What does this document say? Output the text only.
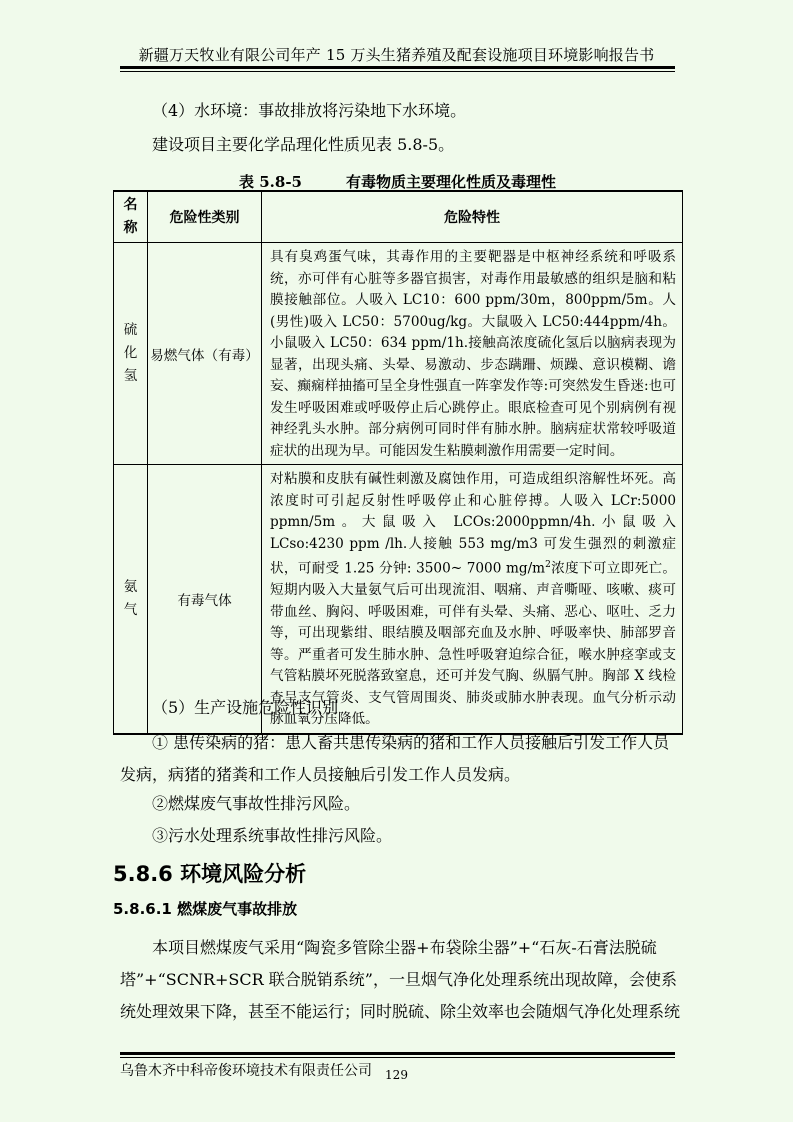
新疆万天牧业有限公司年产 15 万头生猪养殖及配套设施项目环境影响报告书
（4）水环境：事故排放将污染地下水环境。
建设项目主要化学品理化性质见表 5.8-5。
表 5.8-5	有毒物质主要理化性质及毒理性
名称	危险性类别	危险特性

硫化氢	易燃气体（有毒）	具有臭鸡蛋气味，其毒作用的主要靶器是中枢神经系统和呼吸系统，亦可伴有心脏等多器官损害，对毒作用最敏感的组织是脑和粘膜接触部位。人吸入 LC10：600 ppm/30m，800ppm/5m。人(男性)吸入 LC50：5700ug/kg。大鼠吸入 LC50:444ppm/4h。小鼠吸入 LC50：634 ppm/1h.接触高浓度硫化氢后以脑病表现为显著，出现头痛、头晕、易激动、步态蹒跚、烦躁、意识模糊、谵妄、癫痫样抽搐可呈全身性强直一阵挛发作等:可突然发生昏迷:也可发生呼吸困难或呼吸停止后心跳停止。眼底检查可见个别病例有视神经乳头水肿。部分病例可同时伴有肺水肿。脑病症状常较呼吸道症状的出现为早。可能因发生粘膜刺激作用需要一定时间。

氨气	有毒气体	对粘膜和皮肤有碱性刺激及腐蚀作用，可造成组织溶解性坏死。高浓度时可引起反射性呼吸停止和心脏停搏。人吸入 LCr:5000 ppmn/5m。大鼠吸入 LCOs:2000ppmn/4h.小鼠吸入 LCso:4230 ppm /lh.人接触 553 mg/m3 可发生强烈的刺激症状，可耐受 1.25 分钟: 3500~ 7000 $mg/m^2$浓度下可立即死亡。短期内吸入大量氨气后可出现流泪、咽痛、声音嘶哑、咳嗽、痰可带血丝、胸闷、呼吸困难，可伴有头晕、头痛、恶心、呕吐、乏力等，可出现紫绀、眼结膜及咽部充血及水肿、呼吸率快、肺部罗音等。严重者可发生肺水肿、急性呼吸窘迫综合征，喉水肿痉挛或支气管粘膜坏死脱落致窒息，还可并发气胸、纵膈气肿。胸部 X 线检查呈支气管炎、支气管周围炎、肺炎或肺水肿表现。血气分析示动脉血氧分压降低。
（5）生产设施危险性识别
① 患传染病的猪：患人畜共患传染病的猪和工作人员接触后引发工作人员发病，病猪的猪粪和工作人员接触后引发工作人员发病。
②燃煤废气事故性排污风险。
③污水处理系统事故性排污风险。
5.8.6 环境风险分析
5.8.6.1 燃煤废气事故排放
本项目燃煤废气采用“陶瓷多管除尘器+布袋除尘器”+“石灰-石膏法脱硫塔”+“SCNR+SCR 联合脱销系统”，一旦烟气净化处理系统出现故障，会使系统处理效果下降，甚至不能运行；同时脱硫、除尘效率也会随烟气净化处理系统
乌鲁木齐中科帝俊环境技术有限责任公司	129
